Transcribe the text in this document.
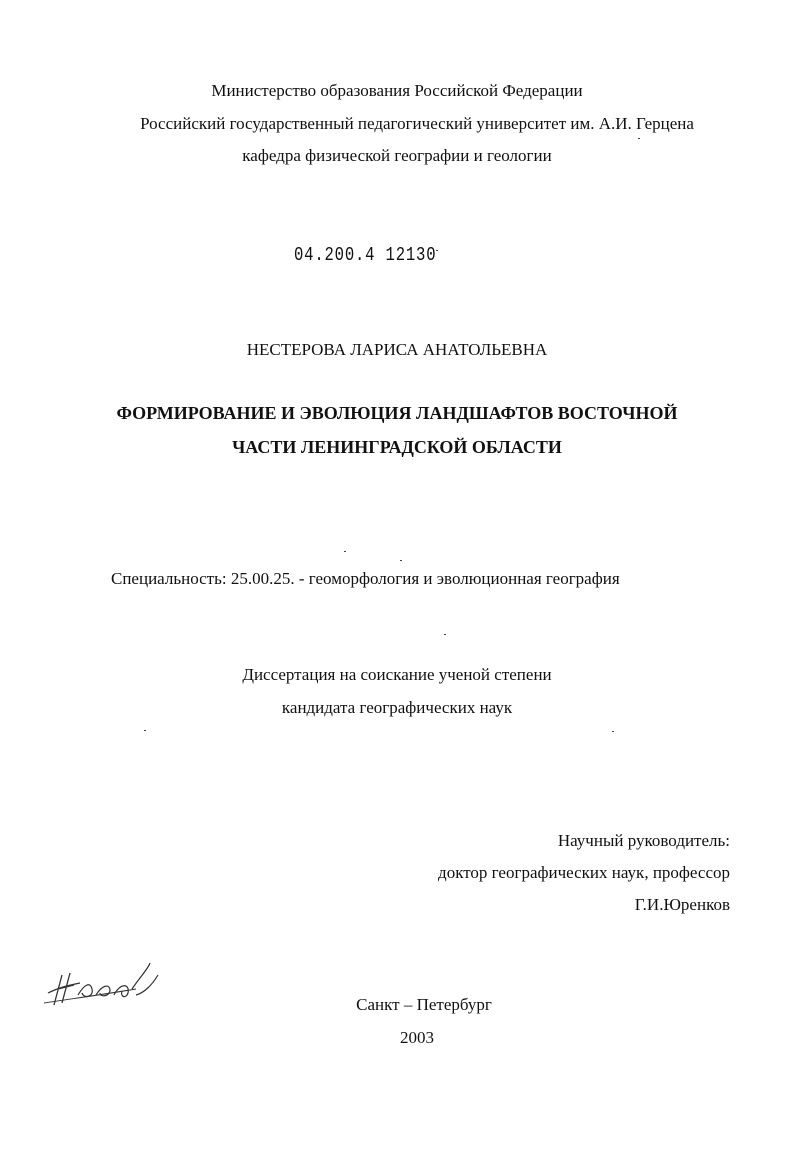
Министерство образования Российской Федерации
Российский государственный педагогический университет им. А.И. Герцена
кафедра физической географии и геологии
04.200.4 12130
НЕСТЕРОВА ЛАРИСА АНАТОЛЬЕВНА
ФОРМИРОВАНИЕ И ЭВОЛЮЦИЯ ЛАНДШАФТОВ ВОСТОЧНОЙ
ЧАСТИ ЛЕНИНГРАДСКОЙ ОБЛАСТИ
Специальность: 25.00.25. - геоморфология и эволюционная география
Диссертация на соискание ученой степени
кандидата географических наук
Научный руководитель:
доктор географических наук, профессор
Г.И.Юренков
Санкт – Петербург
2003
